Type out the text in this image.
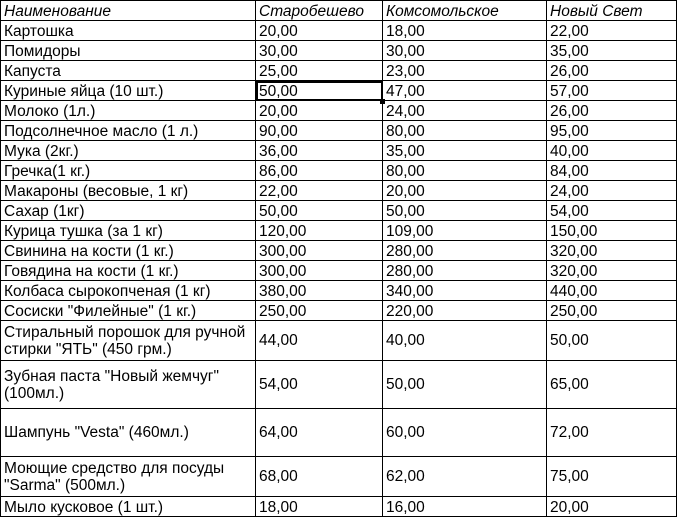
Наименование	Старобешево	Комсомольское	Новый Свет
Картошка	20,00	18,00	22,00
Помидоры	30,00	30,00	35,00
Капуста	25,00	23,00	26,00
Куриные яйца (10 шт.)	50,00	47,00	57,00
Молоко (1л.)	20,00	24,00	26,00
Подсолнечное масло (1 л.)	90,00	80,00	95,00
Мука (2кг.)	36,00	35,00	40,00
Гречка(1 кг.)	86,00	80,00	84,00
Макароны (весовые, 1 кг)	22,00	20,00	24,00
Сахар (1кг)	50,00	50,00	54,00
Курица тушка (за 1 кг)	120,00	109,00	150,00
Свинина на кости (1 кг.)	300,00	280,00	320,00
Говядина на кости (1 кг.)	300,00	280,00	320,00
Колбаса сырокопченая (1 кг)	380,00	340,00	440,00
Сосиски "Филейные" (1 кг.)	250,00	220,00	250,00
Стиральный порошок для ручной стирки "ЯТЬ" (450 грм.)	44,00	40,00	50,00
Зубная паста "Новый жемчуг" (100мл.)	54,00	50,00	65,00
Шампунь "Vesta" (460мл.)	64,00	60,00	72,00
Моющие средство для посуды "Sarma" (500мл.)	68,00	62,00	75,00
Мыло кусковое (1 шт.)	18,00	16,00	20,00
